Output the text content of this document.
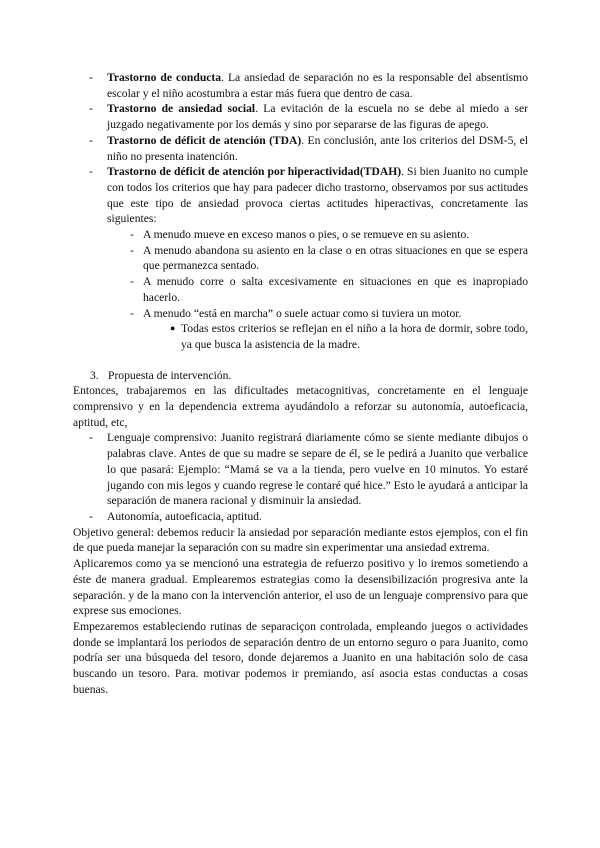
- Trastorno de conducta. La ansiedad de separación no es la responsable del absentismo escolar y el niño acostumbra a estar más fuera que dentro de casa.
- Trastorno de ansiedad social. La evitación de la escuela no se debe al miedo a ser juzgado negativamente por los demás y sino por separarse de las figuras de apego.
- Trastorno de déficit de atención (TDA). En conclusión, ante los criterios del DSM-5, el niño no presenta inatención.
- Trastorno de déficit de atención por hiperactividad(TDAH). Si bien Juanito no cumple con todos los criterios que hay para padecer dicho trastorno, observamos por sus actitudes que este tipo de ansiedad provoca ciertas actitudes hiperactivas, concretamente las siguientes:
- A menudo mueve en exceso manos o pies, o se remueve en su asiento.
- A menudo abandona su asiento en la clase o en otras situaciones en que se espera que permanezca sentado.
- A menudo corre o salta excesivamente en situaciones en que es inapropiado hacerlo.
- A menudo “está en marcha” o suele actuar como si tuviera un motor.
● Todas estos criterios se reflejan en el niño a la hora de dormir, sobre todo, ya que busca la asistencia de la madre.
3. Propuesta de intervención.
Entonces, trabajaremos en las dificultades metacognitivas, concretamente en el lenguaje comprensivo y en la dependencia extrema ayudándolo a reforzar su autonomía, autoeficacia, aptitud, etc,
- Lenguaje comprensivo: Juanito registrará diariamente cómo se siente mediante dibujos o palabras clave. Antes de que su madre se separe de él, se le pedirá a Juanito que verbalice lo que pasará: Ejemplo: “Mamá se va a la tienda, pero vuelve en 10 minutos. Yo estaré jugando con mis legos y cuando regrese le contaré qué hice.” Esto le ayudará a anticipar la separación de manera racional y disminuir la ansiedad.
- Autonomía, autoeficacia, aptitud.
Objetivo general: debemos reducir la ansiedad por separación mediante estos ejemplos, con el fin de que pueda manejar la separación con su madre sin experimentar una ansiedad extrema.
Aplicaremos como ya se mencionó una estrategia de refuerzo positivo y lo iremos sometiendo a éste de manera gradual. Emplearemos estrategias como la desensibilización progresiva ante la separación. y de la mano con la intervención anterior, el uso de un lenguaje comprensivo para que exprese sus emociones.
Empezaremos estableciendo rutinas de separaciçon controlada, empleando juegos o actividades donde se implantará los periodos de separación dentro de un entorno seguro o para Juanito, como podría ser una búsqueda del tesoro, donde dejaremos a Juanito en una habitación solo de casa buscando un tesoro. Para. motivar podemos ir premiando, así asocia estas conductas a cosas buenas.
